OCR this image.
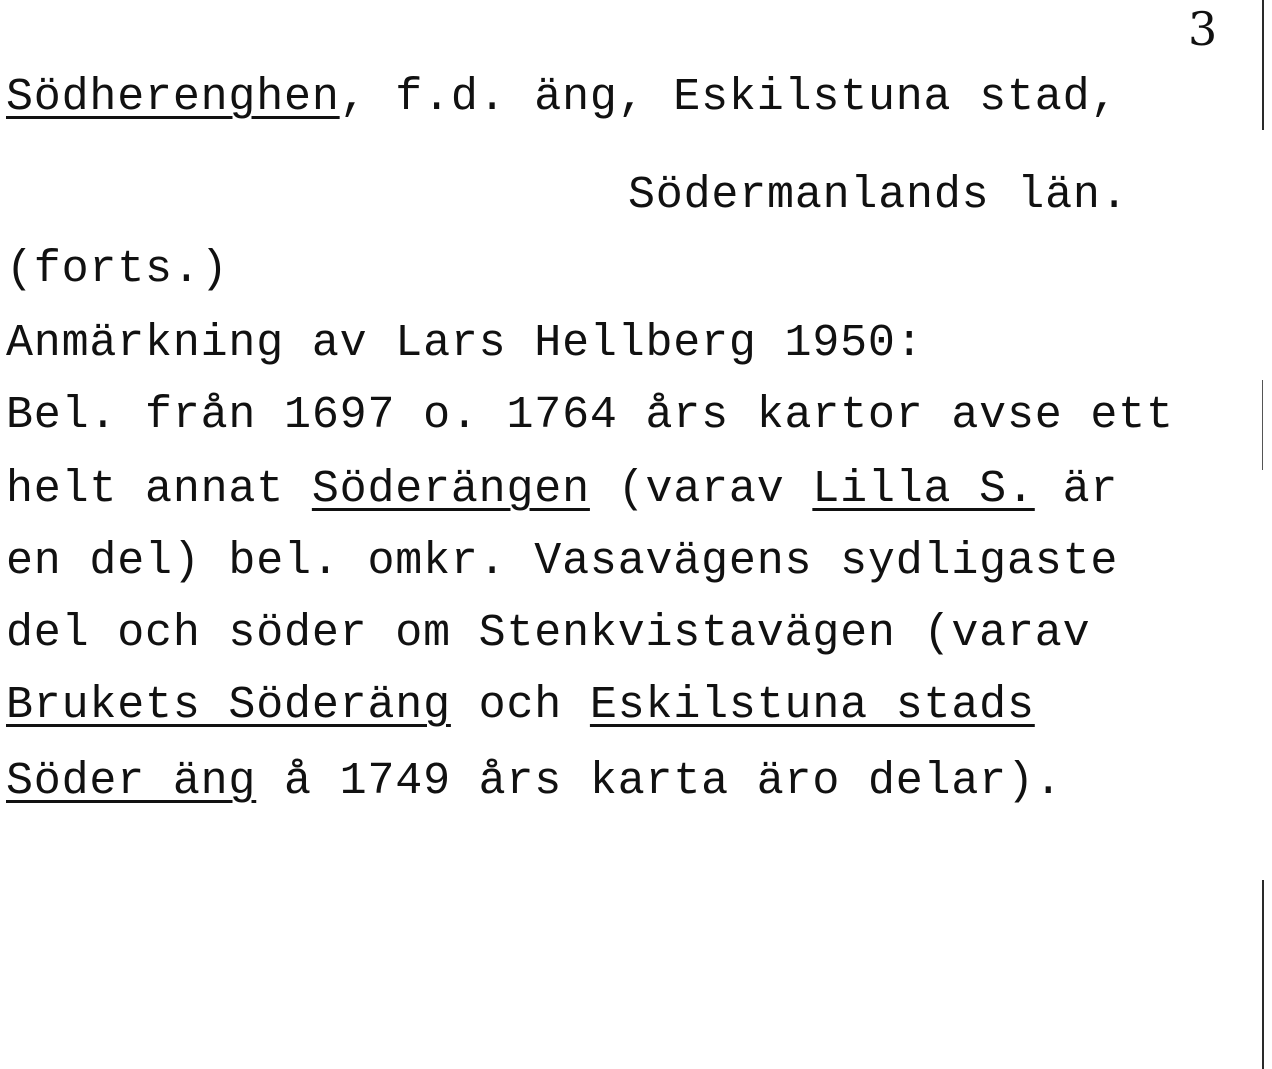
3
Södherenghen, f.d. äng, Eskilstuna stad,
Södermanlands län.
(forts.)
Anmärkning av Lars Hellberg 1950:
Bel. från 1697 o. 1764 års kartor avse ett
helt annat Söderängen (varav Lilla S. är
en del) bel. omkr. Vasavägens sydligaste
del och söder om Stenkvistavägen (varav
Brukets Söderäng och Eskilstuna stads
Söder äng å 1749 års karta äro delar).
